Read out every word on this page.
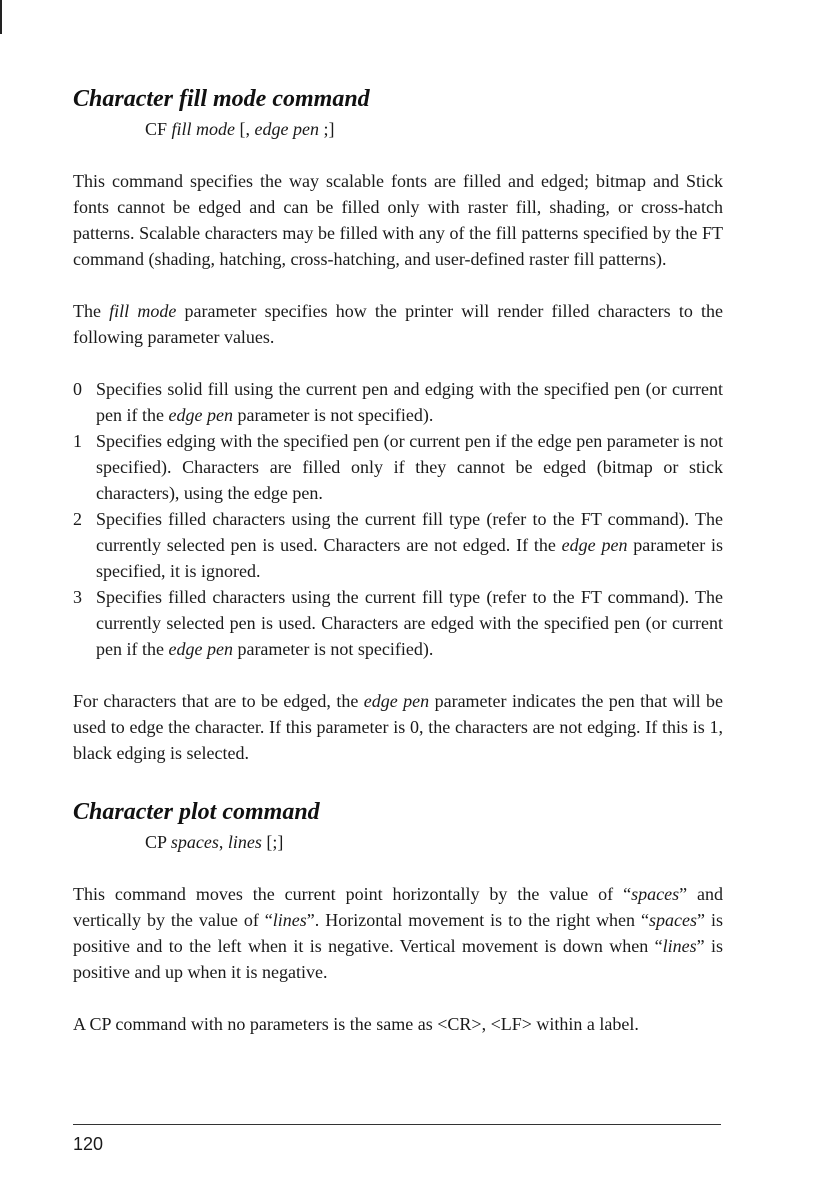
Character fill mode command
CF fill mode [, edge pen ;]

This command specifies the way scalable fonts are filled and edged; bitmap and Stick fonts cannot be edged and can be filled only with raster fill, shading, or cross-hatch patterns. Scalable characters may be filled with any of the fill patterns specified by the FT command (shading, hatching, cross-hatching, and user-defined raster fill patterns).

The fill mode parameter specifies how the printer will render filled characters to the following parameter values.

0 Specifies solid fill using the current pen and edging with the specified pen (or current pen if the edge pen parameter is not specified).
1 Specifies edging with the specified pen (or current pen if the edge pen parameter is not specified). Characters are filled only if they cannot be edged (bitmap or stick characters), using the edge pen.
2 Specifies filled characters using the current fill type (refer to the FT command). The currently selected pen is used. Characters are not edged. If the edge pen parameter is specified, it is ignored.
3 Specifies filled characters using the current fill type (refer to the FT command). The currently selected pen is used. Characters are edged with the specified pen (or current pen if the edge pen parameter is not specified).

For characters that are to be edged, the edge pen parameter indicates the pen that will be used to edge the character. If this parameter is 0, the characters are not edging. If this is 1, black edging is selected.

Character plot command
CP spaces, lines [;]

This command moves the current point horizontally by the value of “spaces” and vertically by the value of “lines”. Horizontal movement is to the right when “spaces” is positive and to the left when it is negative. Vertical movement is down when “lines” is positive and up when it is negative.

A CP command with no parameters is the same as <CR>, <LF> within a label.

120
